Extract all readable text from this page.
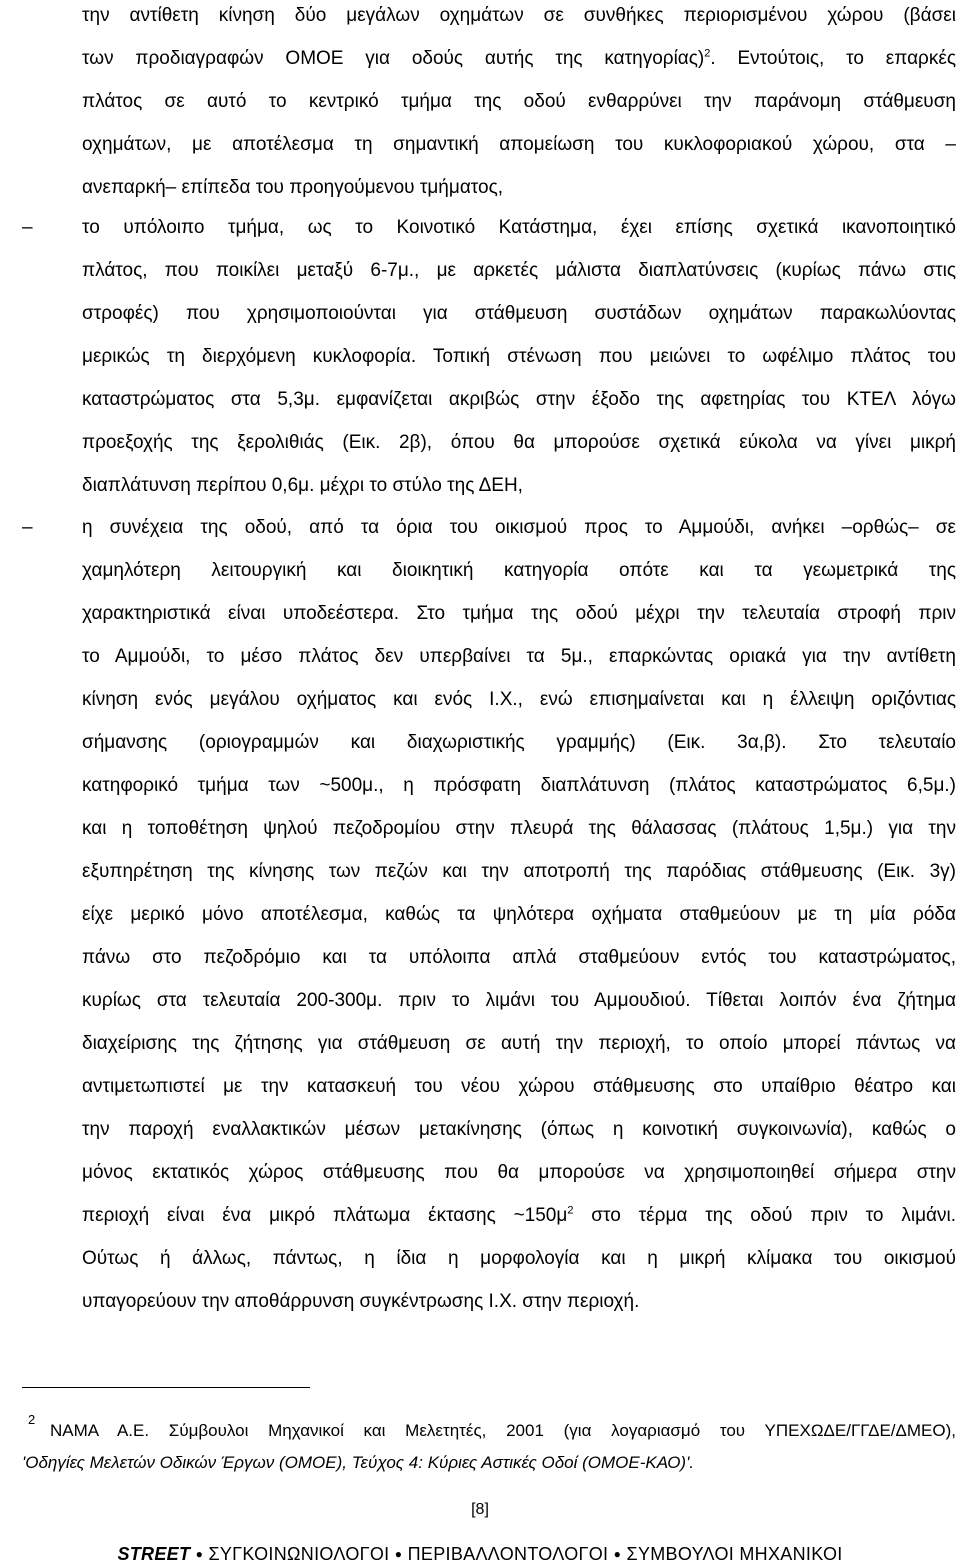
την αντίθετη κίνηση δύο μεγάλων οχημάτων σε συνθήκες περιορισμένου χώρου (βάσει
των προδιαγραφών ΟΜΟΕ για οδούς αυτής της κατηγορίας)$^2$. Εντούτοις, το επαρκές
πλάτος σε αυτό το κεντρικό τμήμα της οδού ενθαρρύνει την παράνομη στάθμευση
οχημάτων, με αποτέλεσμα τη σημαντική απομείωση του κυκλοφοριακού χώρου, στα –
ανεπαρκή– επίπεδα του προηγούμενου τμήματος,
–	το υπόλοιπο τμήμα, ως το Κοινοτικό Κατάστημα, έχει επίσης σχετικά ικανοποιητικό
πλάτος, που ποικίλει μεταξύ 6-7μ., με αρκετές μάλιστα διαπλατύνσεις (κυρίως πάνω στις
στροφές) που χρησιμοποιούνται για στάθμευση συστάδων οχημάτων παρακωλύοντας
μερικώς τη διερχόμενη κυκλοφορία. Τοπική στένωση που μειώνει το ωφέλιμο πλάτος του
καταστρώματος στα 5,3μ. εμφανίζεται ακριβώς στην έξοδο της αφετηρίας του ΚΤΕΛ λόγω
προεξοχής της ξερολιθιάς (Εικ. 2β), όπου θα μπορούσε σχετικά εύκολα να γίνει μικρή
διαπλάτυνση περίπου 0,6μ. μέχρι το στύλο της ΔΕΗ,
–	η συνέχεια της οδού, από τα όρια του οικισμού προς το Αμμούδι, ανήκει –ορθώς– σε
χαμηλότερη λειτουργική και διοικητική κατηγορία οπότε και τα γεωμετρικά της
χαρακτηριστικά είναι υποδεέστερα. Στο τμήμα της οδού μέχρι την τελευταία στροφή πριν
το Αμμούδι, το μέσο πλάτος δεν υπερβαίνει τα 5μ., επαρκώντας οριακά για την αντίθετη
κίνηση ενός μεγάλου οχήματος και ενός Ι.Χ., ενώ επισημαίνεται και η έλλειψη οριζόντιας
σήμανσης (οριογραμμών και διαχωριστικής γραμμής) (Εικ. 3α,β). Στο τελευταίο
κατηφορικό τμήμα των ~500μ., η πρόσφατη διαπλάτυνση (πλάτος καταστρώματος 6,5μ.)
και η τοποθέτηση ψηλού πεζοδρομίου στην πλευρά της θάλασσας (πλάτους 1,5μ.) για την
εξυπηρέτηση της κίνησης των πεζών και την αποτροπή της παρόδιας στάθμευσης (Εικ. 3γ)
είχε μερικό μόνο αποτέλεσμα, καθώς τα ψηλότερα οχήματα σταθμεύουν με τη μία ρόδα
πάνω στο πεζοδρόμιο και τα υπόλοιπα απλά σταθμεύουν εντός του καταστρώματος,
κυρίως στα τελευταία 200-300μ. πριν το λιμάνι του Αμμουδιού. Τίθεται λοιπόν ένα ζήτημα
διαχείρισης της ζήτησης για στάθμευση σε αυτή την περιοχή, το οποίο μπορεί πάντως να
αντιμετωπιστεί με την κατασκευή του νέου χώρου στάθμευσης στο υπαίθριο θέατρο και
την παροχή εναλλακτικών μέσων μετακίνησης (όπως η κοινοτική συγκοινωνία), καθώς ο
μόνος εκτατικός χώρος στάθμευσης που θα μπορούσε να χρησιμοποιηθεί σήμερα στην
περιοχή είναι ένα μικρό πλάτωμα έκτασης $\sim 150\mu^2$ στο τέρμα της οδού πριν το λιμάνι.
Ούτως ή άλλως, πάντως, η ίδια η μορφολογία και η μικρή κλίμακα του οικισμού
υπαγορεύουν την αποθάρρυνση συγκέντρωσης Ι.Χ. στην περιοχή.
2
ΝΑΜΑ Α.Ε. Σύμβουλοι Μηχανικοί και Μελετητές, 2001 (για λογαριασμό του ΥΠΕΧΩΔΕ/ΓΓΔΕ/ΔΜΕΟ),
'Οδηγίες Μελετών Οδικών Έργων (ΟΜΟΕ), Τεύχος 4: Κύριες Αστικές Οδοί (ΟΜΟΕ-ΚΑΟ)'.
[8]
STREET ● ΣΥΓΚΟΙΝΩΝΙΟΛΟΓΟΙ ● ΠΕΡΙΒΑΛΛΟΝΤΟΛΟΓΟΙ ● ΣΥΜΒΟΥΛΟΙ ΜΗΧΑΝΙΚΟΙ
